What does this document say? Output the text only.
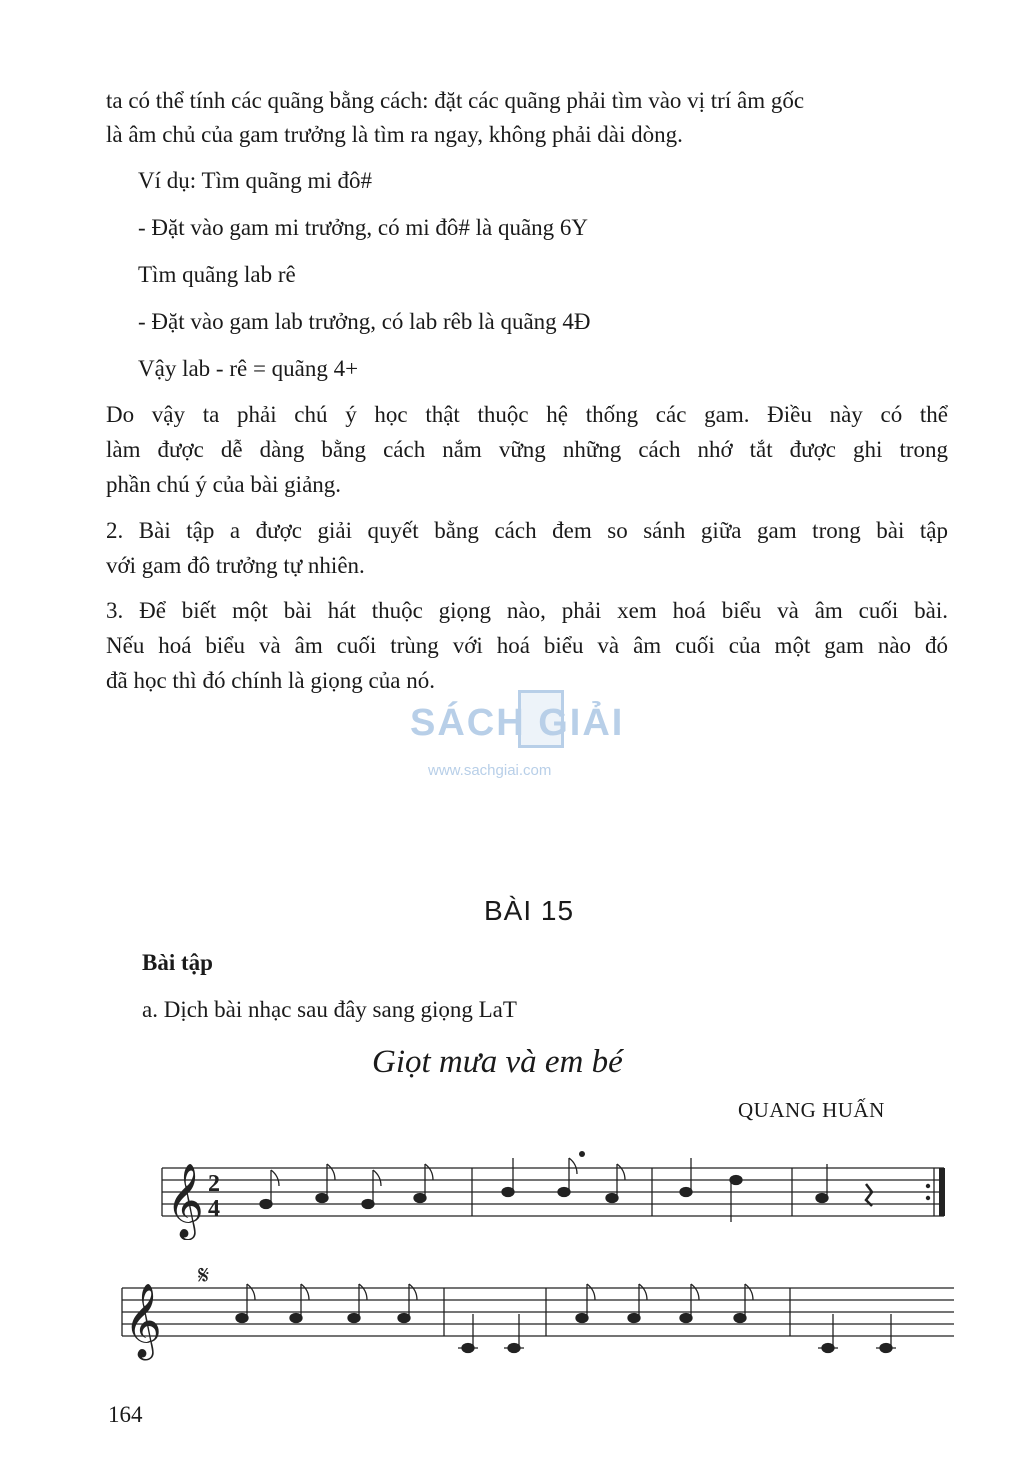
ta có thể tính các quãng bằng cách: đặt các quãng phải tìm vào vị trí âm gốc

là âm chủ của gam trưởng là tìm ra ngay, không phải dài dòng.

Ví dụ: Tìm quãng mi đô#

- Đặt vào gam mi trưởng, có mi đô# là quãng 6Y

Tìm quãng lab rê

- Đặt vào gam lab trưởng, có lab rêb là quãng 4Đ

Vậy lab - rê = quãng 4+

Do vậy ta phải chú ý học thật thuộc hệ thống các gam. Điều này có thể

làm được dễ dàng bằng cách nắm vững những cách nhớ tắt được ghi trong

phần chú ý của bài giảng.

2. Bài tập a được giải quyết bằng cách đem so sánh giữa gam trong bài tập

với gam đô trưởng tự nhiên.

3. Để biết một bài hát thuộc giọng nào, phải xem hoá biểu và âm cuối bài.

Nếu hoá biểu và âm cuối trùng với hoá biểu và âm cuối của một gam nào đó

đã học thì đó chính là giọng của nó.

SÁCH GIẢI
www.sachgiai.com
BÀI 15

Bài tập

a. Dịch bài nhạc sau đây sang giọng LaT

Giọt mưa và em bé
QUANG HUẤN
𝄞 2
4
𝄞
𝄋
164
